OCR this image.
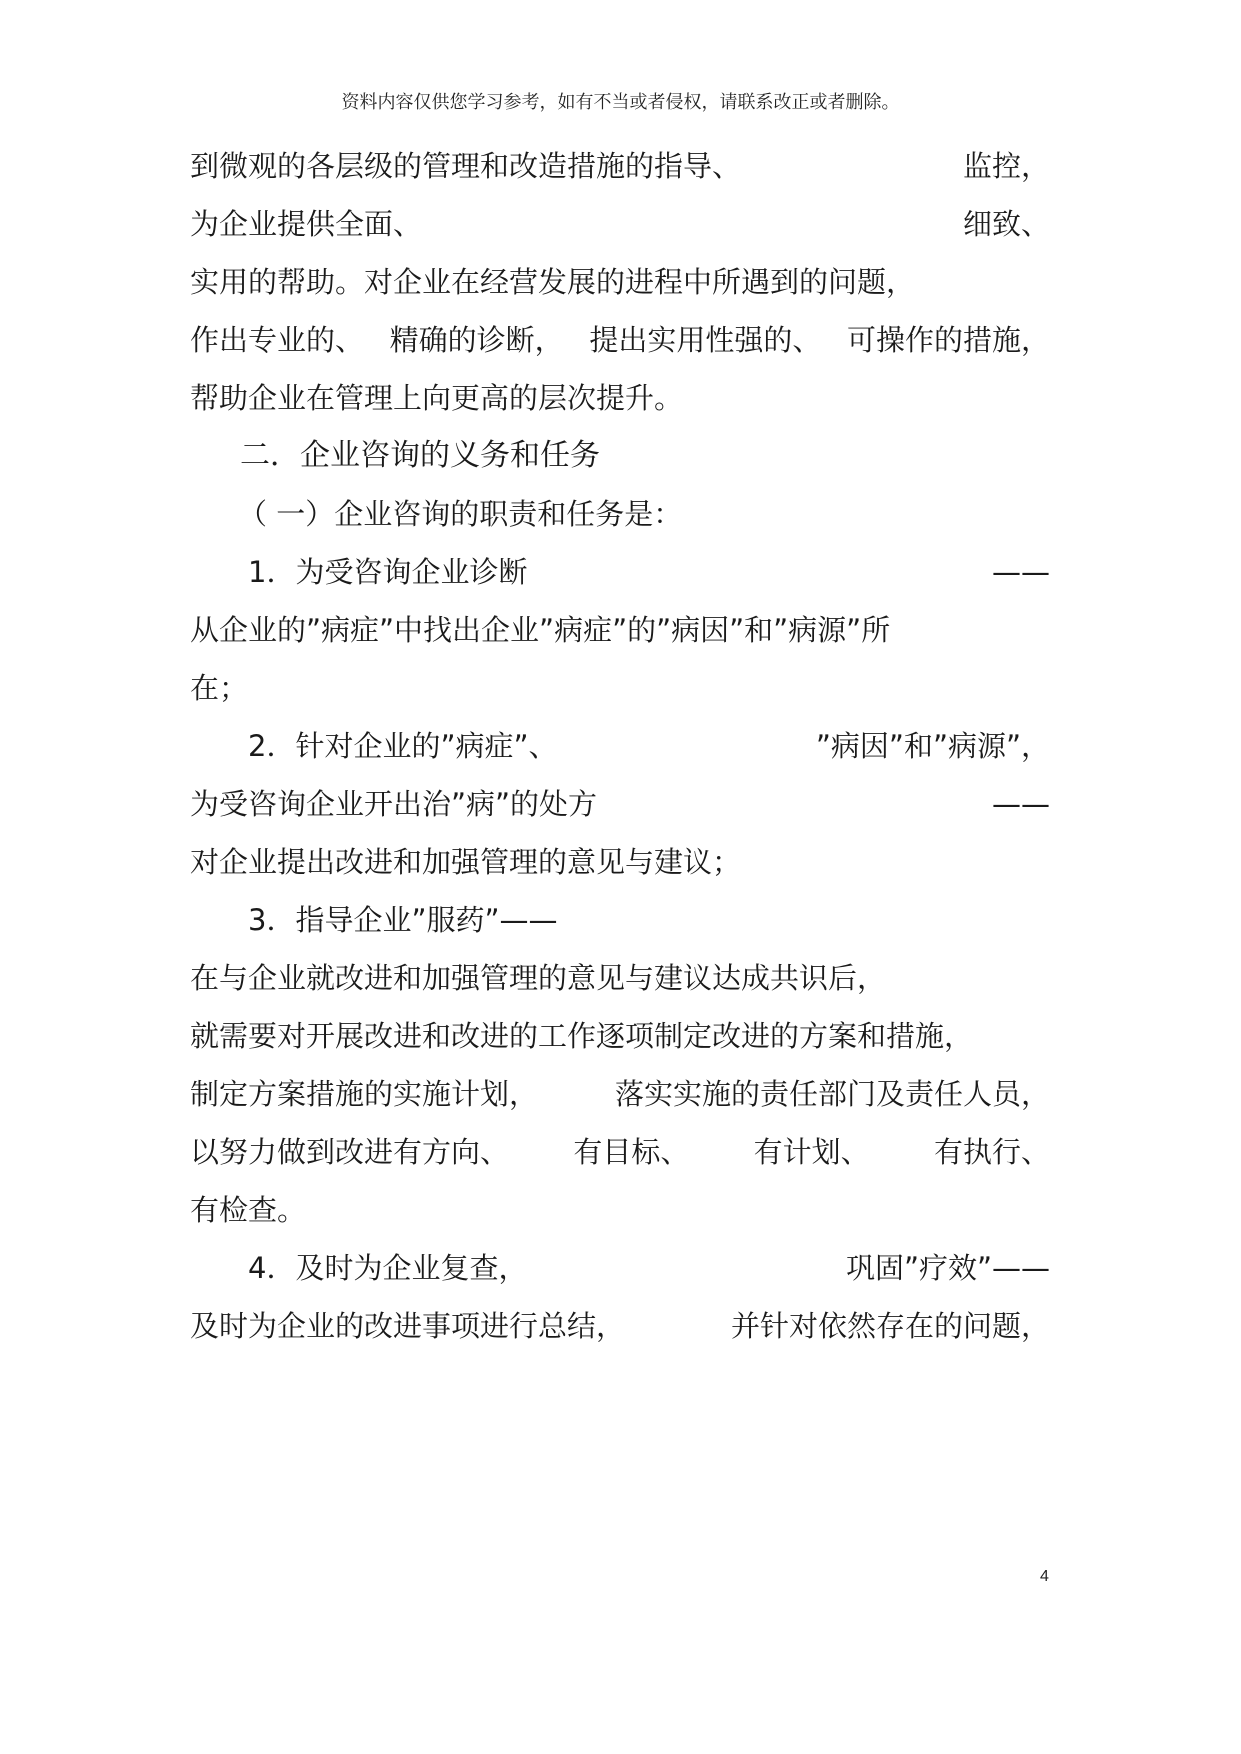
资料内容仅供您学习参考，如有不当或者侵权，请联系改正或者删除。
到微观的各层级的管理和改造措施的指导、	监控，
为企业提供全面、	细致、
实用的帮助。对企业在经营发展的进程中所遇到的问题，
作出专业的、 精确的诊断， 提出实用性强的、 可操作的措施，
帮助企业在管理上向更高的层次提升。
二．企业咨询的义务和任务
（ 一）企业咨询的职责和任务是：
1．为受咨询企业诊断	——
从企业的”病症”中找出企业”病症”的”病因”和”病源”所
在；
2．针对企业的”病症”、	”病因”和”病源”，
为受咨询企业开出治”病”的处方	——
对企业提出改进和加强管理的意见与建议；
3．指导企业”服药”——
在与企业就改进和加强管理的意见与建议达成共识后，
就需要对开展改进和改进的工作逐项制定改进的方案和措施，
制定方案措施的实施计划，	落实实施的责任部门及责任人员，
以努力做到改进有方向、 有目标、 有计划、 有执行、
有检查。
4．及时为企业复查，	巩固”疗效”——
及时为企业的改进事项进行总结，	并针对依然存在的问题，
4
